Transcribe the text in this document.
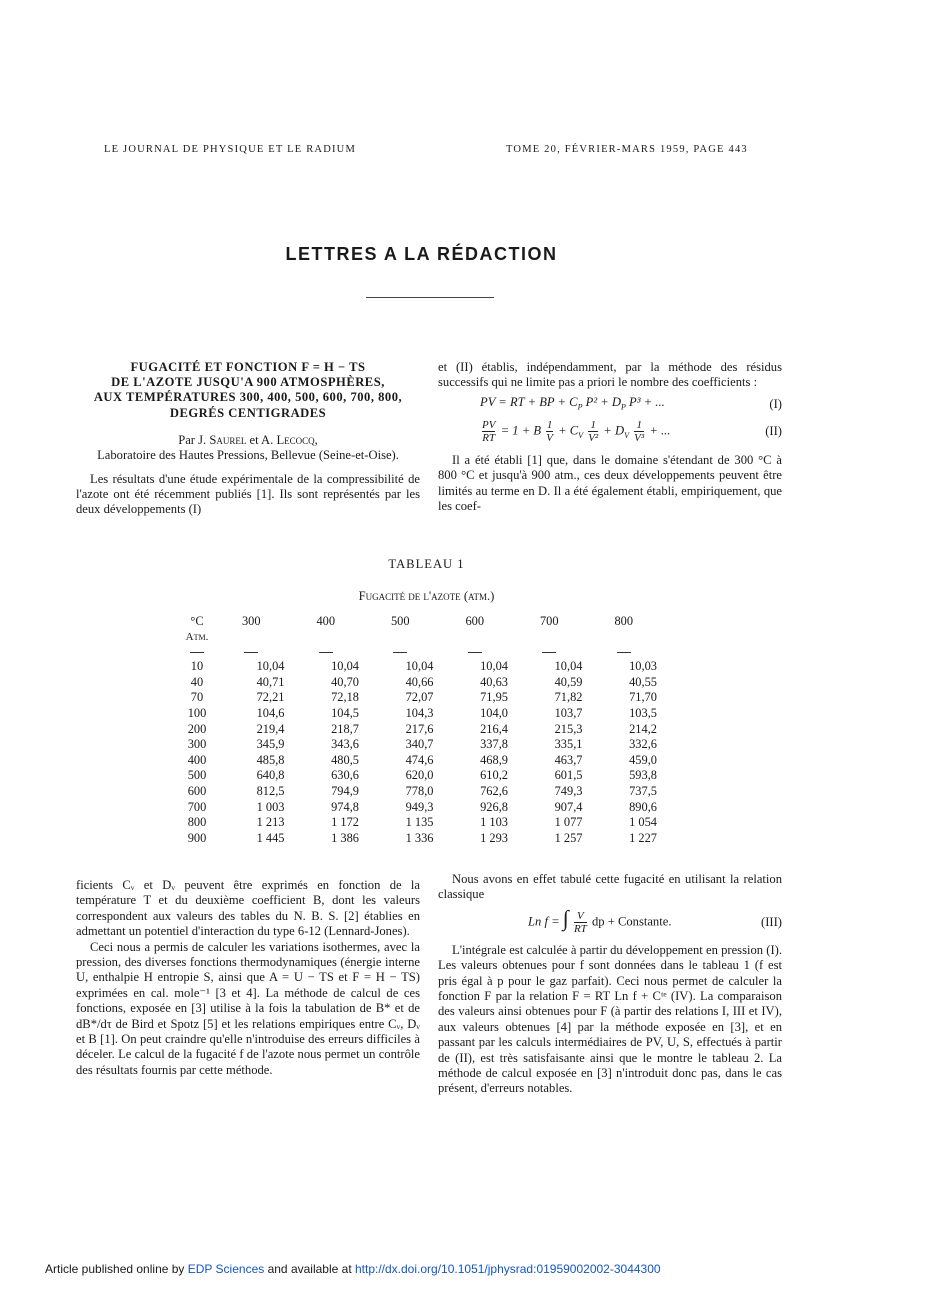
LE JOURNAL DE PHYSIQUE ET LE RADIUM	TOME 20, FÉVRIER-MARS 1959, PAGE 443
LETTRES A LA RÉDACTION

FUGACITÉ ET FONCTION F = H − TS
DE L'AZOTE JUSQU'A 900 ATMOSPHÈRES,
AUX TEMPÉRATURES 300, 400, 500, 600, 700, 800,
DEGRÉS CENTIGRADES

Par J. Saurel et A. Lecocq,
Laboratoire des Hautes Pressions, Bellevue (Seine-et-Oise).

Les résultats d'une étude expérimentale de la compressibilité de l'azote ont été récemment publiés [1]. Ils sont représentés par les deux développements (I)

et (II) établis, indépendamment, par la méthode des résidus successifs qui ne limite pas a priori le nombre des coefficients :

PV = RT + BP + $C_P$ $P^2 + D_P$ P³ + ...	(I)
$\frac{PV}{RT} = 1 + B \frac{1}{V} + C_V \frac{1}{\text{V²}} + D_V \frac{1}{\text{V³}}$ + ...	(II)

Il a été établi [1] que, dans le domaine s'étendant de 300 °C à 800 °C et jusqu'à 900 atm., ces deux développements peuvent être limités au terme en D. Il a été également établi, empiriquement, que les coef-

TABLEAU 1
Fugacité de l'azote (atm.)
°C
Atm.	300	400	500	600	700	800

10	10,04	10,04	10,04	10,04	10,04	10,03
40	40,71	40,70	40,66	40,63	40,59	40,55
70	72,21	72,18	72,07	71,95	71,82	71,70
100	104,6	104,5	104,3	104,0	103,7	103,5
200	219,4	218,7	217,6	216,4	215,3	214,2
300	345,9	343,6	340,7	337,8	335,1	332,6
400	485,8	480,5	474,6	468,9	463,7	459,0
500	640,8	630,6	620,0	610,2	601,5	593,8
600	812,5	794,9	778,0	762,6	749,3	737,5
700	1 003	974,8	949,3	926,8	907,4	890,6
800	1 213	1 172	1 135	1 103	1 077	1 054
900	1 445	1 386	1 336	1 293	1 257	1 227

ficients Cᵥ et Dᵥ peuvent être exprimés en fonction de la température T et du deuxième coefficient B, dont les valeurs correspondent aux valeurs des tables du N. B. S. [2] établies en admettant un potentiel d'interaction du type 6-12 (Lennard-Jones).

Ceci nous a permis de calculer les variations isothermes, avec la pression, des diverses fonctions thermodynamiques (énergie interne U, enthalpie H entropie S, ainsi que A = U − TS et F = H − TS) exprimées en cal. mole⁻¹ [3 et 4]. La méthode de calcul de ces fonctions, exposée en [3] utilise à la fois la tabulation de B* et de dB*/dτ de Bird et Spotz [5] et les relations empiriques entre Cᵥ, Dᵥ et B [1]. On peut craindre qu'elle n'introduise des erreurs difficiles à déceler. Le calcul de la fugacité f de l'azote nous permet un contrôle des résultats fournis par cette méthode.

Nous avons en effet tabulé cette fugacité en utilisant la relation classique

Ln f = ∫ $\frac{V}{RT}$ dp + Constante.	(III)

L'intégrale est calculée à partir du développement en pression (I). Les valeurs obtenues pour f sont données dans le tableau 1 (f est pris égal à p pour le gaz parfait). Ceci nous permet de calculer la fonction F par la relation F = RT Ln f + Cᵗᵉ (IV). La comparaison des valeurs ainsi obtenues pour F (à partir des relations I, III et IV), aux valeurs obtenues [4] par la méthode exposée en [3], et en passant par les calculs intermédiaires de PV, U, S, effectués à partir de (II), est très satisfaisante ainsi que le montre le tableau 2. La méthode de calcul exposée en [3] n'introduit donc pas, dans le cas présent, d'erreurs notables.

Article published online by EDP Sciences and available at http://dx.doi.org/10.1051/jphysrad:01959002002-3044300
